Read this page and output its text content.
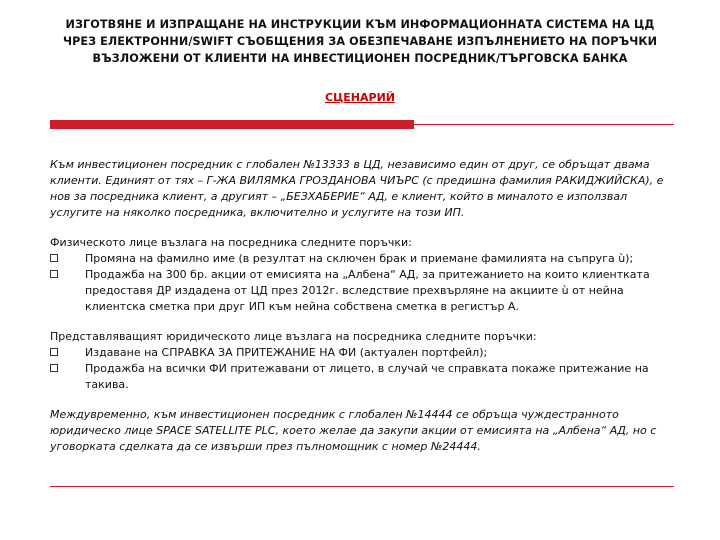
ИЗГОТВЯНЕ И ИЗПРАЩАНЕ НА ИНСТРУКЦИИ КЪМ ИНФОРМАЦИОННАТА СИСТЕМА НА ЦД
ЧРЕЗ ЕЛЕКТРОННИ/SWIFT СЪОБЩЕНИЯ ЗА ОБЕЗПЕЧАВАНЕ ИЗПЪЛНЕНИЕТО НА ПОРЪЧКИ
ВЪЗЛОЖЕНИ ОТ КЛИЕНТИ НА ИНВЕСТИЦИОНЕН ПОСРЕДНИК/ТЪРГОВСКА БАНКА
СЦЕНАРИЙ

Към инвестиционен посредник с глобален №13333 в ЦД, независимо един от друг, се обръщат двама клиенти. Единият от тях – Г-ЖА ВИЛЯМКА ГРОЗДАНОВА ЧИЪРС (с предишна фамилия РАКИДЖИЙСКА), е нов за посредника клиент, а другият – „БЕЗХАБЕРИЕ“ АД, е клиент, който в миналото е използвал услугите на няколко посредника, включително и услугите на този ИП.

Физическото лице възлага на посредника следните поръчки:

Промяна на фамилно име (в резултат на сключен брак и приемане фамилията на съпруга ù);
Продажба на 300 бр. акции от емисията на „Албена“ АД, за притежанието на които клиентката предоставя ДР издадена от ЦД през 2012г. вследствие прехвърляне на акциите ù от нейна клиентска сметка при друг ИП към нейна собствена сметка в регистър А.

Представляващият юридическото лице възлага на посредника следните поръчки:

Издаване на СПРАВКА ЗА ПРИТЕЖАНИЕ НА ФИ (актуален портфейл);
Продажба на всички ФИ притежавани от лицето, в случай че справката покаже притежание на такива.

Междувременно, към инвестиционен посредник с глобален №14444 се обръща чуждестранното юридическо лице SPACE SATELLITE PLC, което желае да закупи акции от емисията на „Албена“ АД, но с уговорката сделката да се извърши през пълномощник с номер №24444.
